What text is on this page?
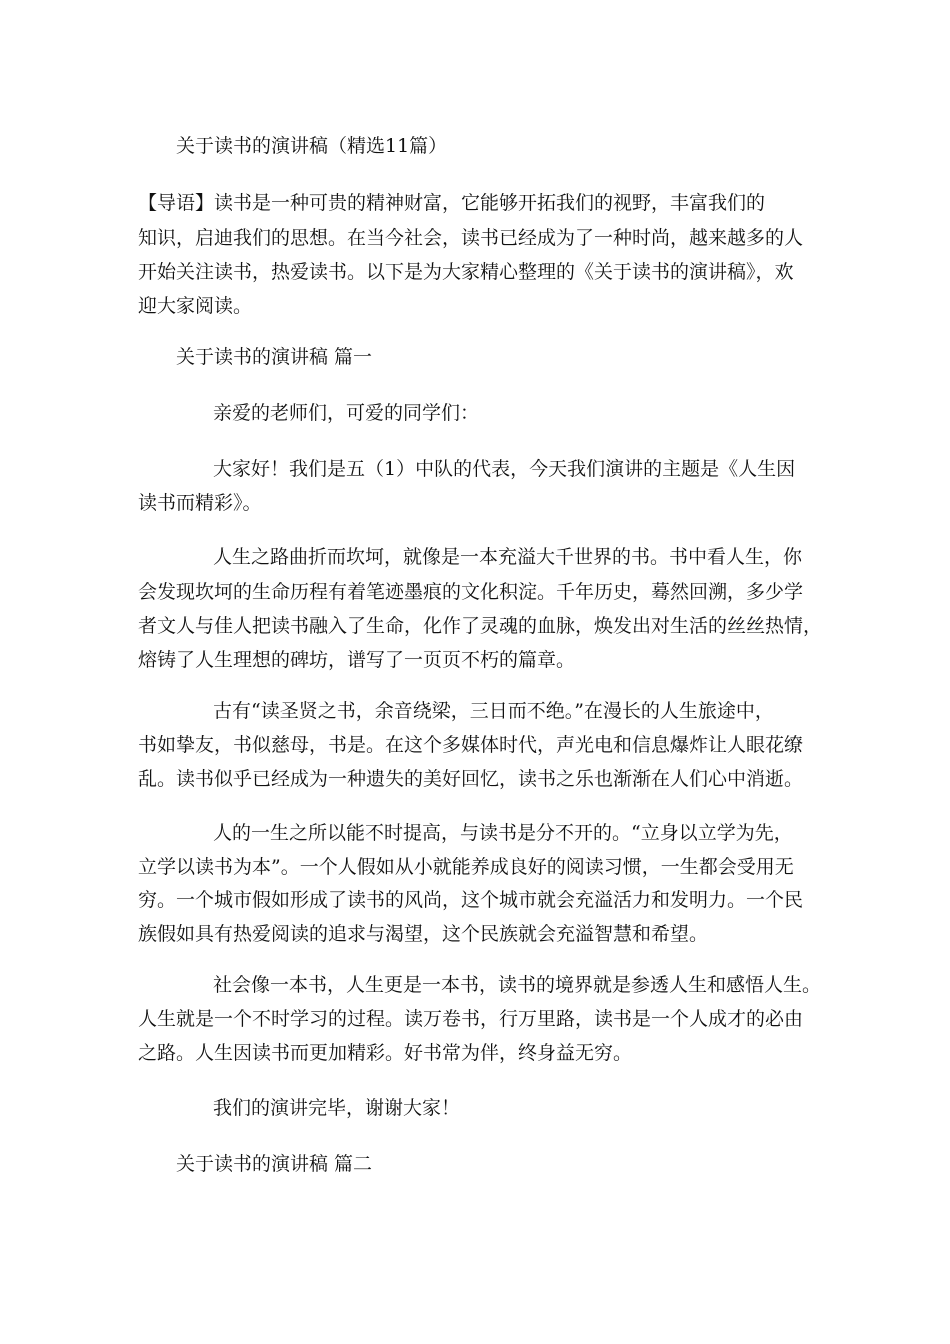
关于读书的演讲稿（精选11篇）
【导语】读书是一种可贵的精神财富，它能够开拓我们的视野，丰富我们的
知识，启迪我们的思想。在当今社会，读书已经成为了一种时尚，越来越多的人
开始关注读书，热爱读书。以下是为大家精心整理的《关于读书的演讲稿》，欢
迎大家阅读。
关于读书的演讲稿 篇一
亲爱的老师们，可爱的同学们：
大家好！我们是五（1）中队的代表，今天我们演讲的主题是《人生因
读书而精彩》。
人生之路曲折而坎坷，就像是一本充溢大千世界的书。书中看人生，你
会发现坎坷的生命历程有着笔迹墨痕的文化积淀。千年历史，蓦然回溯，多少学
者文人与佳人把读书融入了生命，化作了灵魂的血脉，焕发出对生活的丝丝热情，
熔铸了人生理想的碑坊，谱写了一页页不朽的篇章。
古有“读圣贤之书，余音绕梁，三日而不绝。”在漫长的人生旅途中，
书如挚友，书似慈母，书是。在这个多媒体时代，声光电和信息爆炸让人眼花缭
乱。读书似乎已经成为一种遗失的美好回忆，读书之乐也渐渐在人们心中消逝。
人的一生之所以能不时提高，与读书是分不开的。“立身以立学为先，
立学以读书为本”。一个人假如从小就能养成良好的阅读习惯，一生都会受用无
穷。一个城市假如形成了读书的风尚，这个城市就会充溢活力和发明力。一个民
族假如具有热爱阅读的追求与渴望，这个民族就会充溢智慧和希望。
社会像一本书，人生更是一本书，读书的境界就是参透人生和感悟人生。
人生就是一个不时学习的过程。读万卷书，行万里路，读书是一个人成才的必由
之路。人生因读书而更加精彩。好书常为伴，终身益无穷。
我们的演讲完毕，谢谢大家！
关于读书的演讲稿 篇二
